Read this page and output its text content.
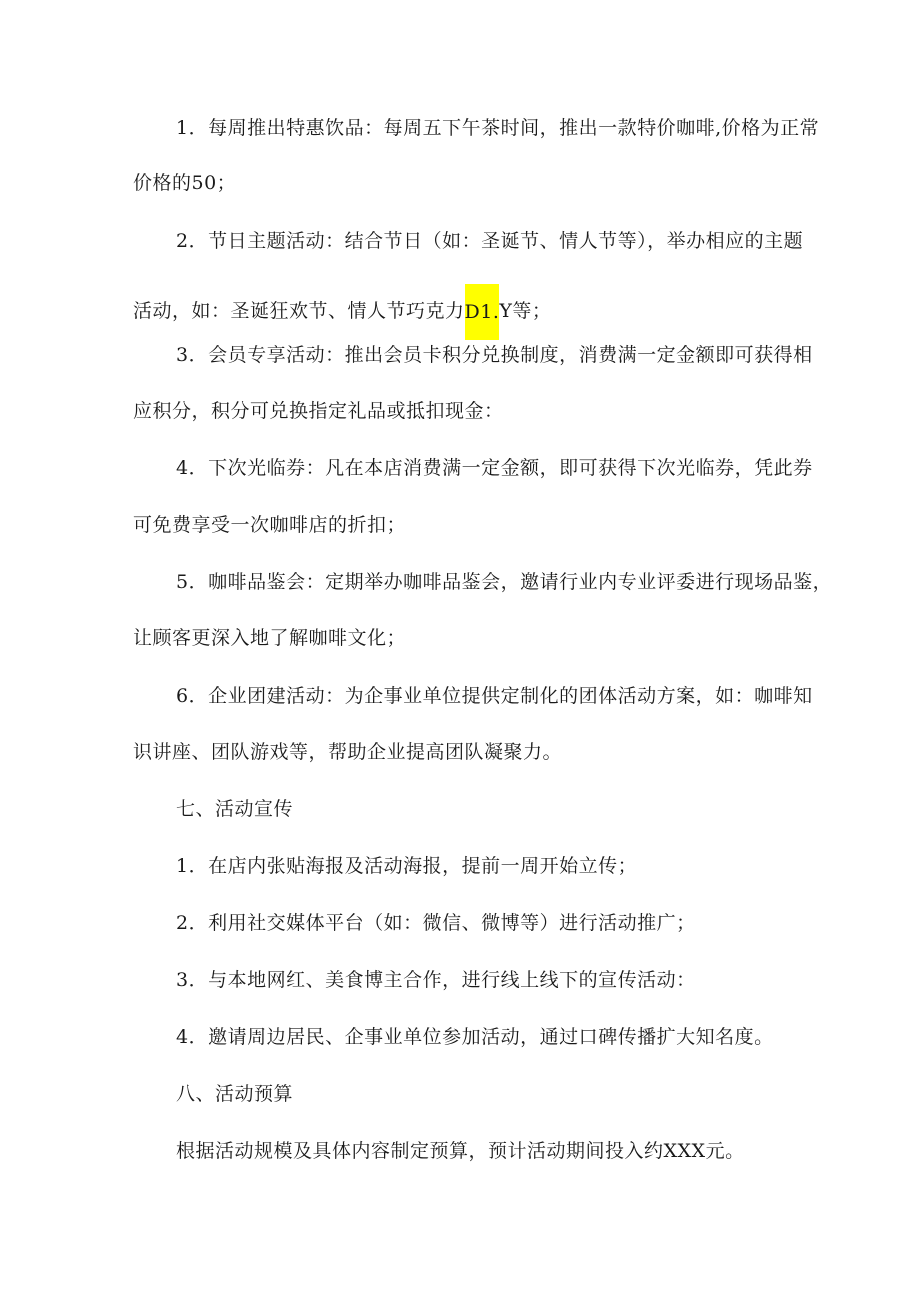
1．每周推出特惠饮品：每周五下午茶时间，推出一款特价咖啡,价格为正常
价格的50；
2．节日主题活动：结合节日（如：圣诞节、情人节等），举办相应的主题
活动，如：圣诞狂欢节、情人节巧克力D1.Y等；
3．会员专享活动：推出会员卡积分兑换制度，消费满一定金额即可获得相
应积分，积分可兑换指定礼品或抵扣现金：
4．下次光临券：凡在本店消费满一定金额，即可获得下次光临券，凭此券
可免费享受一次咖啡店的折扣；
5．咖啡品鉴会：定期举办咖啡品鉴会，邀请行业内专业评委进行现场品鉴，
让顾客更深入地了解咖啡文化；
6．企业团建活动：为企事业单位提供定制化的团体活动方案，如：咖啡知
识讲座、团队游戏等，帮助企业提高团队凝聚力。
七、活动宣传
1．在店内张贴海报及活动海报，提前一周开始立传；
2．利用社交媒体平台（如：微信、微博等）进行活动推广；
3．与本地网红、美食博主合作，进行线上线下的宣传活动：
4．邀请周边居民、企事业单位参加活动，通过口碑传播扩大知名度。
八、活动预算
根据活动规模及具体内容制定预算，预计活动期间投入约XXX元。
